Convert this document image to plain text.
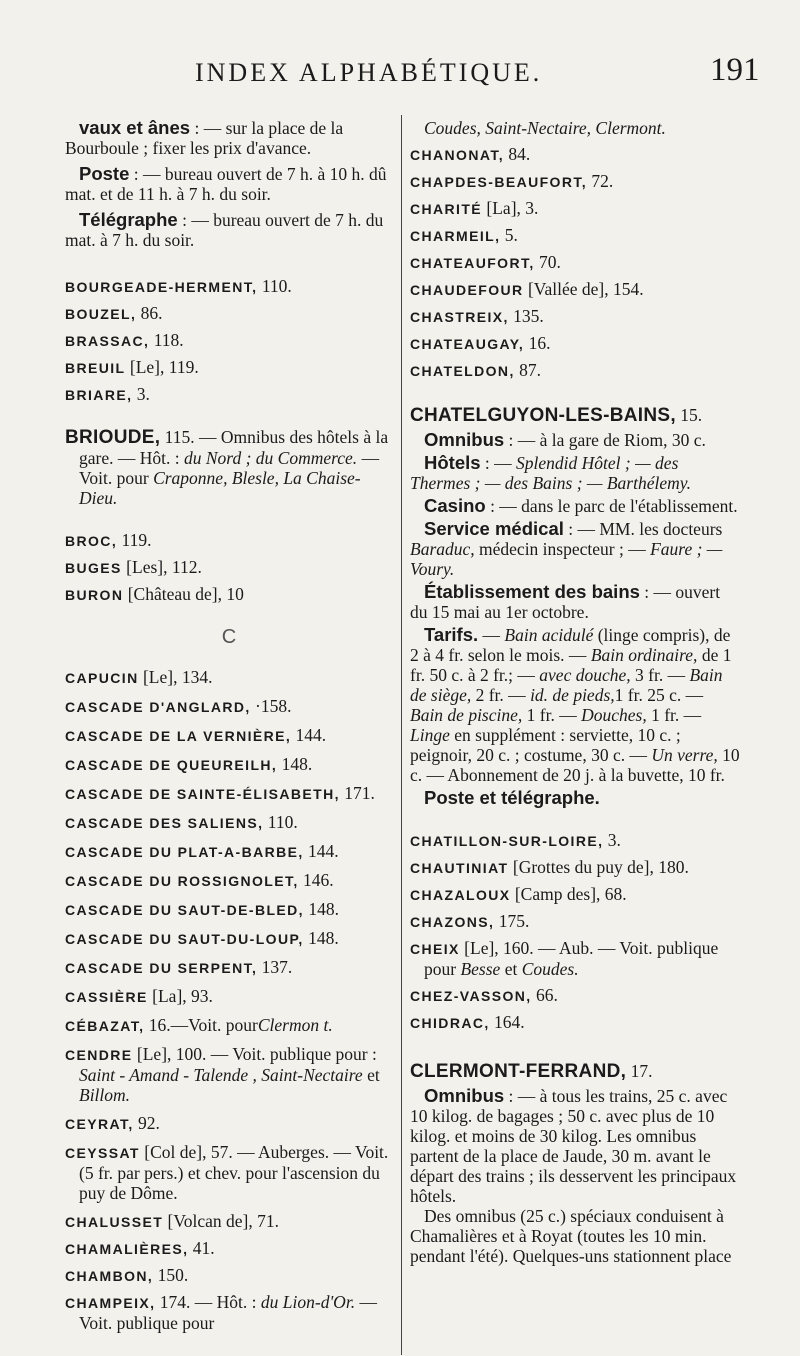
INDEX ALPHABÉTIQUE.	191

vaux et ânes : — sur la place de la Bourboule ; fixer les prix d'avance.

Poste : — bureau ouvert de 7 h. à 10 h. dû mat. et de 11 h. à 7 h. du soir.

Télégraphe : — bureau ouvert de 7 h. du mat. à 7 h. du soir.

BOURGEADE-HERMENT, 110.

BOUZEL, 86.

BRASSAC, 118.

BREUIL [Le], 119.

BRIARE, 3.

BRIOUDE, 115. — Omnibus des hôtels à la gare. — Hôt. : du Nord ; du Commerce. — Voit. pour Craponne, Blesle, La Chaise-Dieu.

BROC, 119.

BUGES [Les], 112.

BURON [Château de], 10

C

CAPUCIN [Le], 134.

CASCADE D'ANGLARD, ·158.

CASCADE DE LA VERNIÈRE, 144.

CASCADE DE QUEUREILH, 148.

CASCADE DE SAINTE-ÉLISABETH, 171.

CASCADE DES SALIENS, 110.

CASCADE DU PLAT-A-BARBE, 144.

CASCADE DU ROSSIGNOLET, 146.

CASCADE DU SAUT-DE-BLED, 148.

CASCADE DU SAUT-DU-LOUP, 148.

CASCADE DU SERPENT, 137.

CASSIÈRE [La], 93.

CÉBAZAT, 16.—Voit. pourClermon t.

CENDRE [Le], 100. — Voit. publique pour : Saint - Amand - Talende , Saint-Nectaire et Billom.

CEYRAT, 92.

CEYSSAT [Col de], 57. — Auberges. — Voit. (5 fr. par pers.) et chev. pour l'ascension du puy de Dôme.

CHALUSSET [Volcan de], 71.

CHAMALIÈRES, 41.

CHAMBON, 150.

CHAMPEIX, 174. — Hôt. : du Lion-d'Or. — Voit. publique pour

Coudes, Saint-Nectaire, Clermont.

CHANONAT, 84.

CHAPDES-BEAUFORT, 72.

CHARITÉ [La], 3.

CHARMEIL, 5.

CHATEAUFORT, 70.

CHAUDEFOUR [Vallée de], 154.

CHASTREIX, 135.

CHATEAUGAY, 16.

CHATELDON, 87.

CHATELGUYON-LES-BAINS, 15.

Omnibus : — à la gare de Riom, 30 c.

Hôtels : — Splendid Hôtel ; — des Thermes ; — des Bains ; — Barthélemy.

Casino : — dans le parc de l'établissement.

Service médical : — MM. les docteurs Baraduc, médecin inspecteur ; — Faure ; — Voury.

Établissement des bains : — ouvert du 15 mai au 1er octobre.

Tarifs. — Bain acidulé (linge compris), de 2 à 4 fr. selon le mois. — Bain ordinaire, de 1 fr. 50 c. à 2 fr.; — avec douche, 3 fr. — Bain de siège, 2 fr. — id. de pieds,1 fr. 25 c. — Bain de piscine, 1 fr. — Douches, 1 fr. — Linge en supplément : serviette, 10 c. ; peignoir, 20 c. ; costume, 30 c. — Un verre, 10 c. — Abonnement de 20 j. à la buvette, 10 fr.

Poste et télégraphe.

CHATILLON-SUR-LOIRE, 3.

CHAUTINIAT [Grottes du puy de], 180.

CHAZALOUX [Camp des], 68.

CHAZONS, 175.

CHEIX [Le], 160. — Aub. — Voit. publique pour Besse et Coudes.

CHEZ-VASSON, 66.

CHIDRAC, 164.

CLERMONT-FERRAND, 17.

Omnibus : — à tous les trains, 25 c. avec 10 kilog. de bagages ; 50 c. avec plus de 10 kilog. et moins de 30 kilog. Les omnibus partent de la place de Jaude, 30 m. avant le départ des trains ; ils desservent les principaux hôtels.

Des omnibus (25 c.) spéciaux conduisent à Chamalières et à Royat (toutes les 10 min. pendant l'été). Quelques-uns stationnent place
